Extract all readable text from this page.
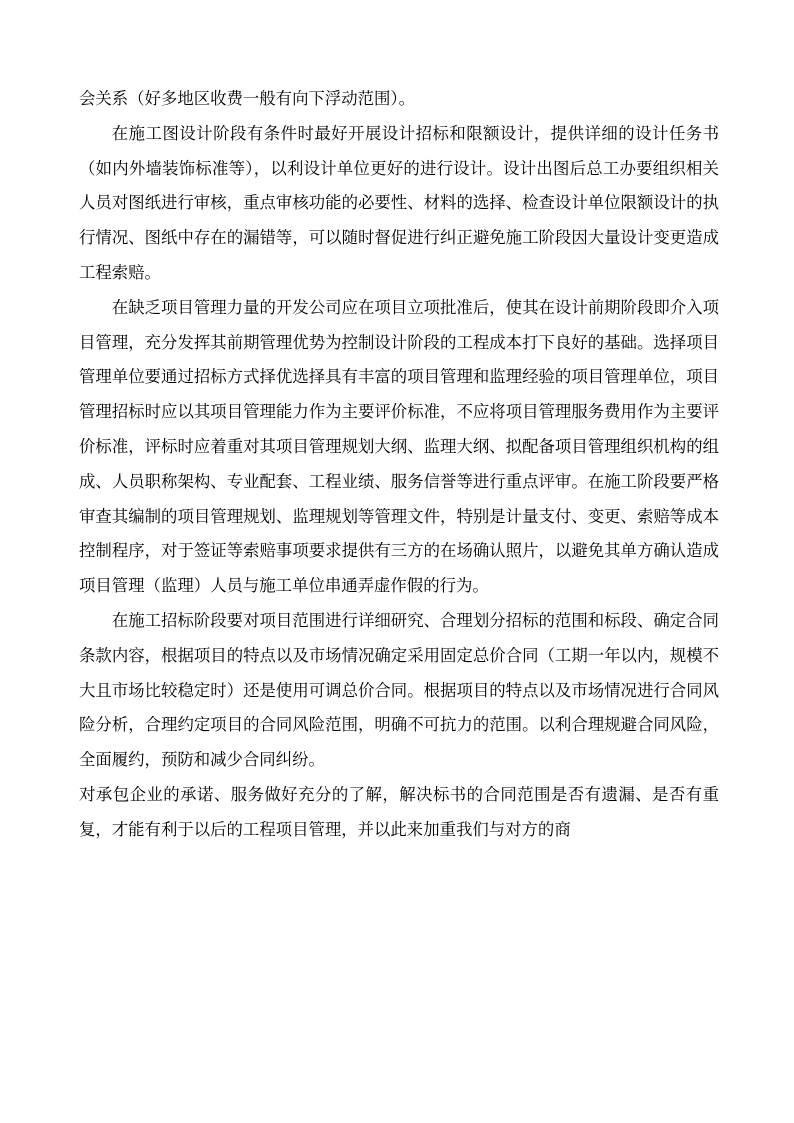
会关系（好多地区收费一般有向下浮动范围）。

在施工图设计阶段有条件时最好开展设计招标和限额设计，提供详细的设计任务书（如内外墙装饰标准等），以利设计单位更好的进行设计。设计出图后总工办要组织相关人员对图纸进行审核，重点审核功能的必要性、材料的选择、检查设计单位限额设计的执行情况、图纸中存在的漏错等，可以随时督促进行纠正避免施工阶段因大量设计变更造成工程索赔。

在缺乏项目管理力量的开发公司应在项目立项批准后，使其在设计前期阶段即介入项目管理，充分发挥其前期管理优势为控制设计阶段的工程成本打下良好的基础。选择项目管理单位要通过招标方式择优选择具有丰富的项目管理和监理经验的项目管理单位，项目管理招标时应以其项目管理能力作为主要评价标准，不应将项目管理服务费用作为主要评价标准，评标时应着重对其项目管理规划大纲、监理大纲、拟配备项目管理组织机构的组成、人员职称架构、专业配套、工程业绩、服务信誉等进行重点评审。在施工阶段要严格审查其编制的项目管理规划、监理规划等管理文件，特别是计量支付、变更、索赔等成本控制程序，对于签证等索赔事项要求提供有三方的在场确认照片，以避免其单方确认造成项目管理（监理）人员与施工单位串通弄虚作假的行为。

在施工招标阶段要对项目范围进行详细研究、合理划分招标的范围和标段、确定合同条款内容，根据项目的特点以及市场情况确定采用固定总价合同（工期一年以内，规模不大且市场比较稳定时）还是使用可调总价合同。根据项目的特点以及市场情况进行合同风险分析，合理约定项目的合同风险范围，明确不可抗力的范围。以利合理规避合同风险，全面履约，预防和减少合同纠纷。

对承包企业的承诺、服务做好充分的了解，解决标书的合同范围是否有遗漏、是否有重复，才能有利于以后的工程项目管理，并以此来加重我们与对方的商
